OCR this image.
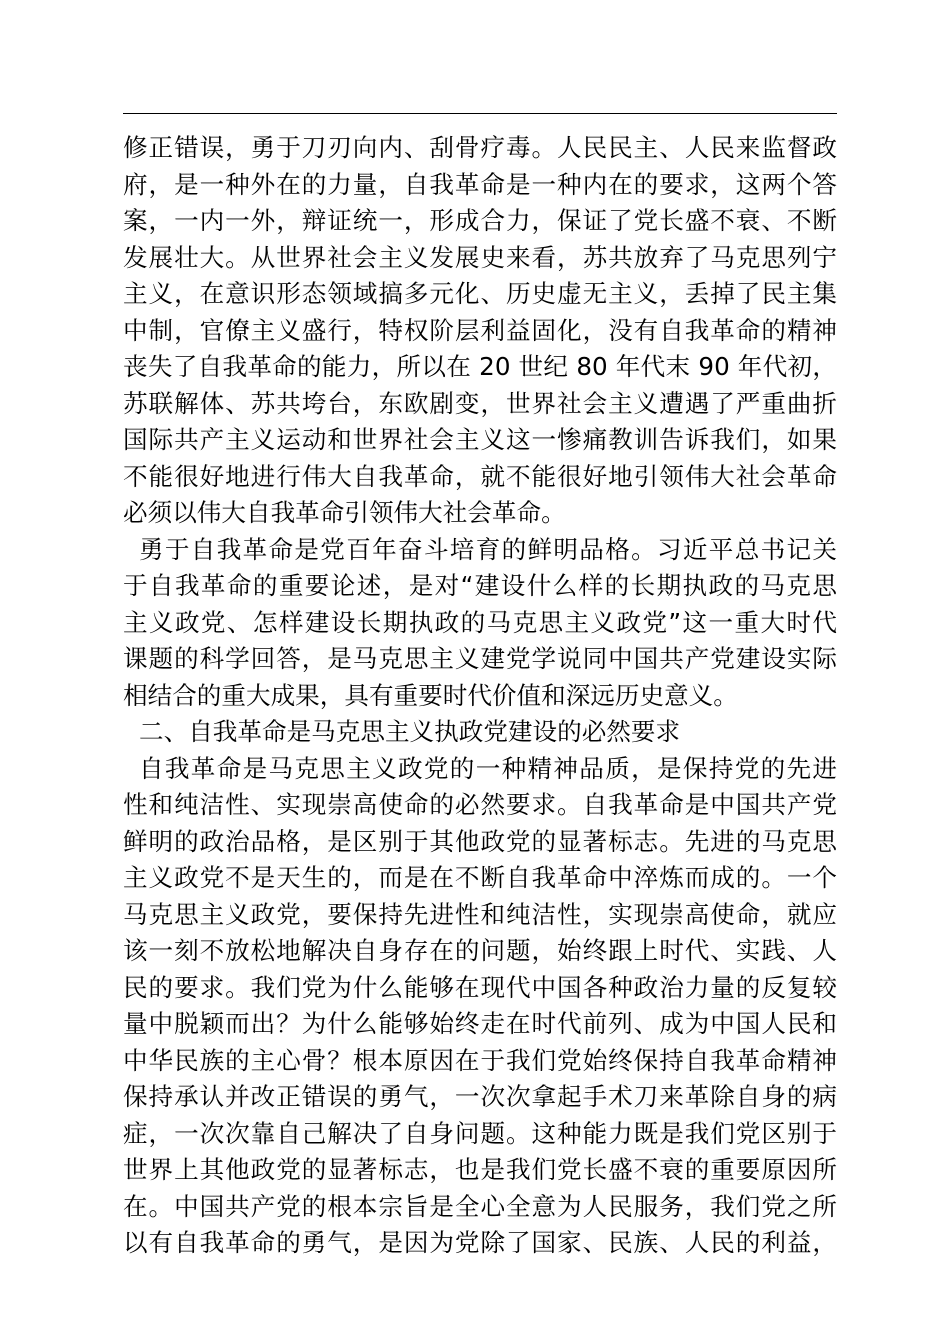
修正错误，勇于刀刃向内、刮骨疗毒。人民民主、人民来监督政
府，是一种外在的力量，自我革命是一种内在的要求，这两个答
案，一内一外，辩证统一，形成合力，保证了党长盛不衰、不断
发展壮大。从世界社会主义发展史来看，苏共放弃了马克思列宁
主义，在意识形态领域搞多元化、历史虚无主义，丢掉了民主集
中制，官僚主义盛行，特权阶层利益固化，没有自我革命的精神
丧失了自我革命的能力，所以在 20 世纪 80 年代末 90 年代初，
苏联解体、苏共垮台，东欧剧变，世界社会主义遭遇了严重曲折
国际共产主义运动和世界社会主义这一惨痛教训告诉我们，如果
不能很好地进行伟大自我革命，就不能很好地引领伟大社会革命
必须以伟大自我革命引领伟大社会革命。
勇于自我革命是党百年奋斗培育的鲜明品格。习近平总书记关
于自我革命的重要论述，是对“建设什么样的长期执政的马克思
主义政党、怎样建设长期执政的马克思主义政党”这一重大时代
课题的科学回答，是马克思主义建党学说同中国共产党建设实际
相结合的重大成果，具有重要时代价值和深远历史意义。
二、自我革命是马克思主义执政党建设的必然要求
自我革命是马克思主义政党的一种精神品质，是保持党的先进
性和纯洁性、实现崇高使命的必然要求。自我革命是中国共产党
鲜明的政治品格，是区别于其他政党的显著标志。先进的马克思
主义政党不是天生的，而是在不断自我革命中淬炼而成的。一个
马克思主义政党，要保持先进性和纯洁性，实现崇高使命，就应
该一刻不放松地解决自身存在的问题，始终跟上时代、实践、人
民的要求。我们党为什么能够在现代中国各种政治力量的反复较
量中脱颖而出？为什么能够始终走在时代前列、成为中国人民和
中华民族的主心骨？根本原因在于我们党始终保持自我革命精神
保持承认并改正错误的勇气，一次次拿起手术刀来革除自身的病
症，一次次靠自己解决了自身问题。这种能力既是我们党区别于
世界上其他政党的显著标志，也是我们党长盛不衰的重要原因所
在。中国共产党的根本宗旨是全心全意为人民服务，我们党之所
以有自我革命的勇气，是因为党除了国家、民族、人民的利益，
